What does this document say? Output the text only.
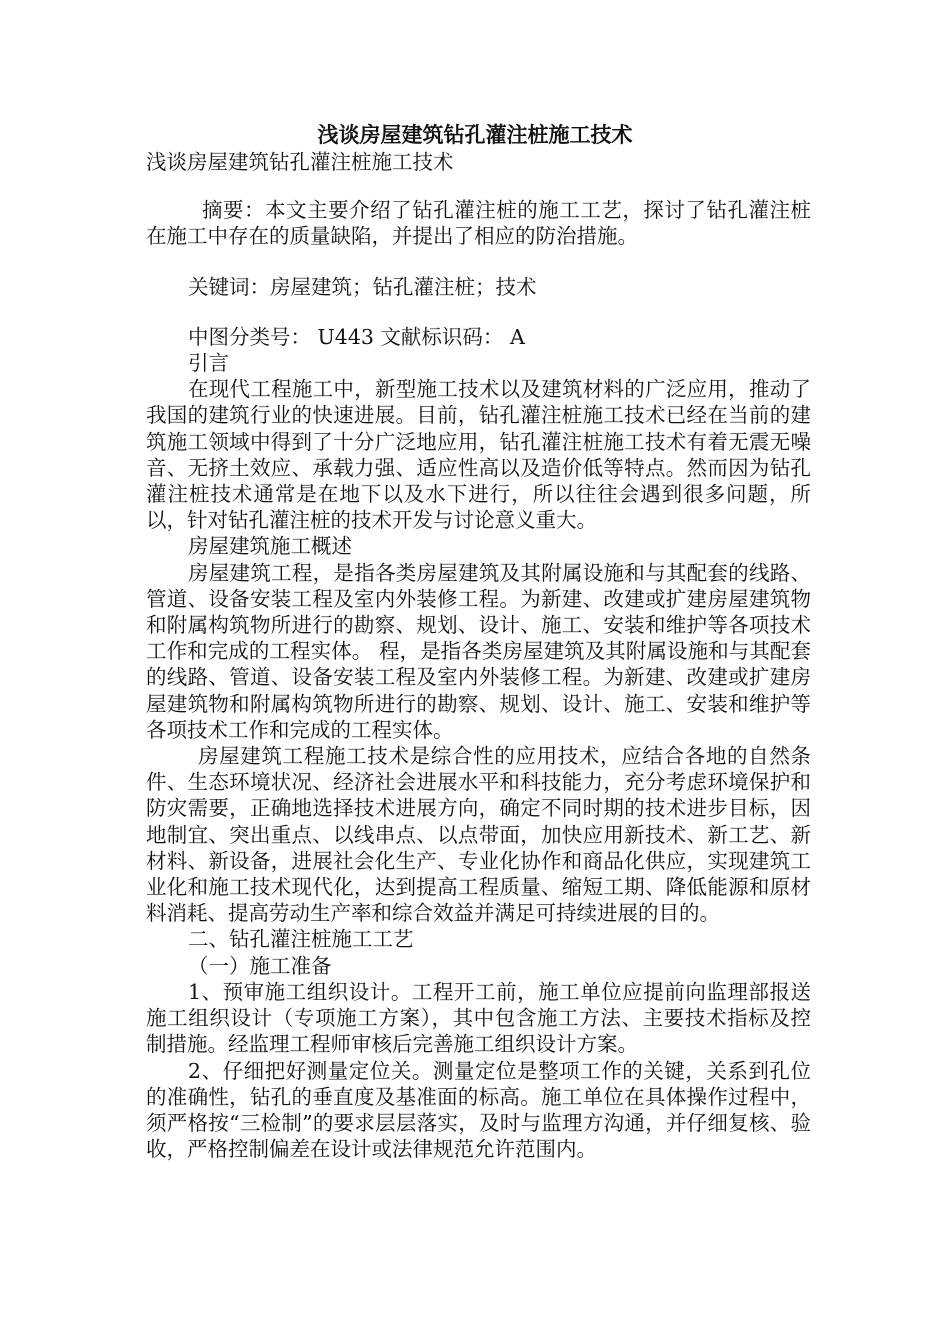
浅谈房屋建筑钻孔灌注桩施工技术

浅谈房屋建筑钻孔灌注桩施工技术

摘要：本文主要介绍了钻孔灌注桩的施工工艺，探讨了钻孔灌注桩在施工中存在的质量缺陷，并提出了相应的防治措施。

关键词：房屋建筑；钻孔灌注桩；技术

中图分类号： U443 文献标识码： A

引言

在现代工程施工中，新型施工技术以及建筑材料的广泛应用，推动了我国的建筑行业的快速进展。目前，钻孔灌注桩施工技术已经在当前的建筑施工领域中得到了十分广泛地应用，钻孔灌注桩施工技术有着无震无噪音、无挤土效应、承载力强、适应性高以及造价低等特点。然而因为钻孔灌注桩技术通常是在地下以及水下进行，所以往往会遇到很多问题，所以，针对钻孔灌注桩的技术开发与讨论意义重大。

房屋建筑施工概述

房屋建筑工程，是指各类房屋建筑及其附属设施和与其配套的线路、管道、设备安装工程及室内外装修工程。为新建、改建或扩建房屋建筑物和附属构筑物所进行的勘察、规划、设计、施工、安装和维护等各项技术工作和完成的工程实体。 程，是指各类房屋建筑及其附属设施和与其配套的线路、管道、设备安装工程及室内外装修工程。为新建、改建或扩建房屋建筑物和附属构筑物所进行的勘察、规划、设计、施工、安装和维护等各项技术工作和完成的工程实体。

房屋建筑工程施工技术是综合性的应用技术，应结合各地的自然条件、生态环境状况、经济社会进展水平和科技能力，充分考虑环境保护和防灾需要，正确地选择技术进展方向，确定不同时期的技术进步目标，因地制宜、突出重点、以线串点、以点带面，加快应用新技术、新工艺、新材料、新设备，进展社会化生产、专业化协作和商品化供应，实现建筑工业化和施工技术现代化，达到提高工程质量、缩短工期、降低能源和原材料消耗、提高劳动生产率和综合效益并满足可持续进展的目的。

二、钻孔灌注桩施工工艺

（一）施工准备

1、预审施工组织设计。工程开工前，施工单位应提前向监理部报送施工组织设计（专项施工方案），其中包含施工方法、主要技术指标及控制措施。经监理工程师审核后完善施工组织设计方案。

2、仔细把好测量定位关。测量定位是整项工作的关键，关系到孔位的准确性，钻孔的垂直度及基准面的标高。施工单位在具体操作过程中，须严格按“三检制”的要求层层落实，及时与监理方沟通，并仔细复核、验收，严格控制偏差在设计或法律规范允许范围内。
